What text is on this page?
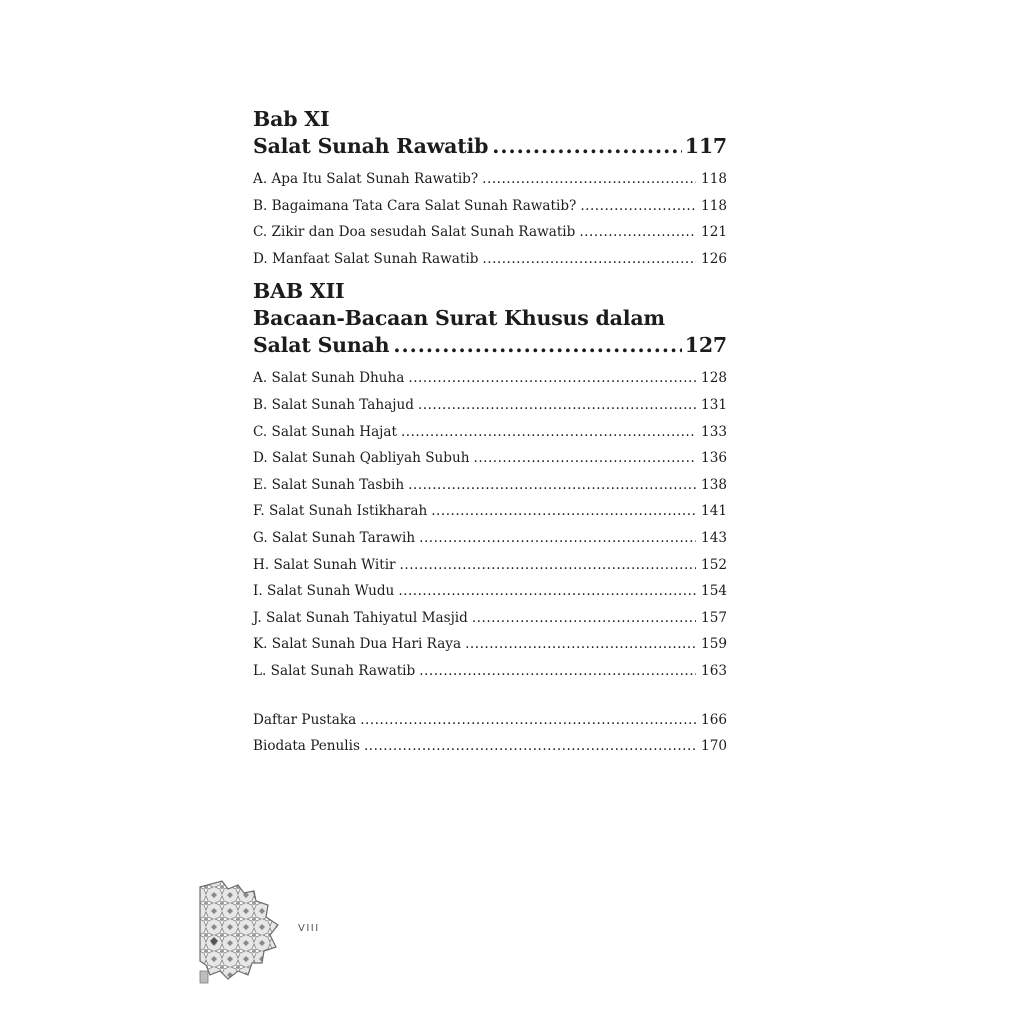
Bab XI
Salat Sunah Rawatib .....	117
A. Apa Itu Salat Sunah Rawatib? .....	118
B. Bagaimana Tata Cara Salat Sunah Rawatib? .....	118
C. Zikir dan Doa sesudah Salat Sunah Rawatib .....	121
D. Manfaat Salat Sunah Rawatib .....	126
BAB XII
Bacaan-Bacaan Surat Khusus dalam
Salat Sunah .....	127
A. Salat Sunah Dhuha .....	128
B. Salat Sunah Tahajud .....	131
C. Salat Sunah Hajat .....	133
D. Salat Sunah Qabliyah Subuh .....	136
E. Salat Sunah Tasbih .....	138
F. Salat Sunah Istikharah .....	141
G. Salat Sunah Tarawih .....	143
H. Salat Sunah Witir .....	152
I. Salat Sunah Wudu .....	154
J. Salat Sunah Tahiyatul Masjid .....	157
K. Salat Sunah Dua Hari Raya .....	159
L. Salat Sunah Rawatib .....	163
Daftar Pustaka .....	166
Biodata Penulis .....	170
VIII
